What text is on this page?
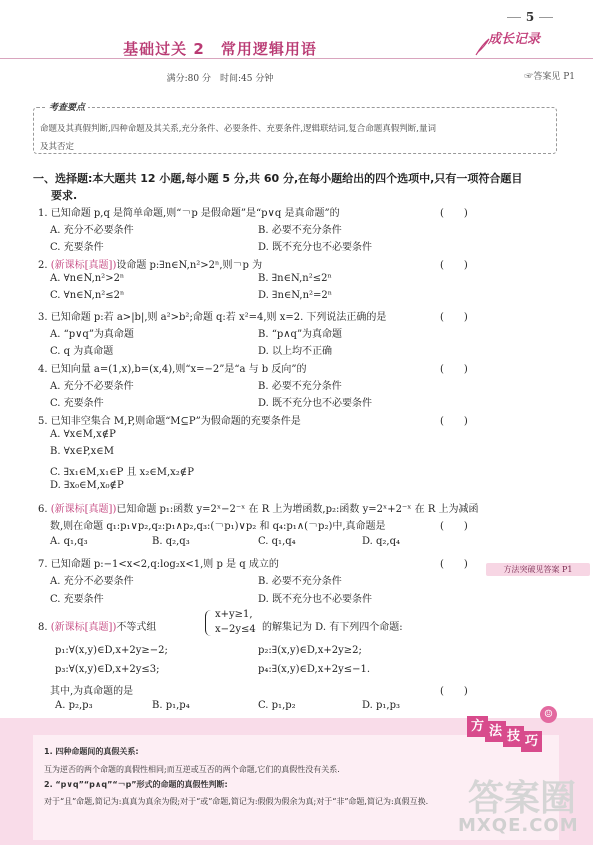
5
成长记录
基础过关 2　常用逻辑用语
满分:80 分　时间:45 分钟	☞答案见 P1
考查要点
命题及其真假判断,四种命题及其关系,充分条件、必要条件、充要条件,逻辑联结词,复合命题真假判断,量词
及其否定
一、选择题:本大题共 12 小题,每小题 5 分,共 60 分,在每小题给出的四个选项中,只有一项符合题目
要求.
1. 已知命题 p,q 是简单命题,则“￢p 是假命题”是“p∨q 是真命题”的	(　　)
A. 充分不必要条件	B. 必要不充分条件
C. 充要条件	D. 既不充分也不必要条件
2. (新课标[真题])设命题 p:∃n∈N,n²>2ⁿ,则￢p 为	(　　)
A. ∀n∈N,n²>2ⁿ	B. ∃n∈N,n²≤2ⁿ
C. ∀n∈N,n²≤2ⁿ	D. ∃n∈N,n²=2ⁿ
3. 已知命题 p:若 a>|b|,则 a²>b²;命题 q:若 x²=4,则 x=2. 下列说法正确的是	(　　)
A. “p∨q”为真命题	B. “p∧q”为真命题
C. q 为真命题	D. 以上均不正确
4. 已知向量 a=(1,x),b=(x,4),则“x=−2”是“a 与 b 反向”的	(　　)
A. 充分不必要条件	B. 必要不充分条件
C. 充要条件	D. 既不充分也不必要条件
5. 已知非空集合 M,P,则命题“M⊆P”为假命题的充要条件是	(　　)
A. ∀x∈M,x∉P
B. ∀x∈P,x∈M
C. ∃x₁∈M,x₁∈P 且 x₂∈M,x₂∉P
D. ∃x₀∈M,x₀∉P
6. (新课标[真题])已知命题 p₁:函数 y=2ˣ−2⁻ˣ 在 R 上为增函数,p₂:函数 y=2ˣ+2⁻ˣ 在 R 上为减函
数,则在命题 q₁:p₁∨p₂,q₂:p₁∧p₂,q₃:(￢p₁)∨p₂ 和 q₄:p₁∧(￢p₂)中,真命题是	(　　)
A. q₁,q₃	B. q₂,q₃	C. q₁,q₄	D. q₂,q₄
7. 已知命题 p:−1<x<2,q:log₂x<1,则 p 是 q 成立的	(　　)
A. 充分不必要条件	B. 必要不充分条件
C. 充要条件	D. 既不充分也不必要条件
方法突破见答案 P1
8. (新课标[真题])不等式组
x+y≥1,
x−2y≤4 的解集记为 D. 有下列四个命题:
p₁:∀(x,y)∈D,x+2y≥−2;	p₂:∃(x,y)∈D,x+2y≥2;
p₃:∀(x,y)∈D,x+2y≤3;	p₄:∃(x,y)∈D,x+2y≤−1.
其中,为真命题的是	(　　)
A. p₂,p₃	B. p₁,p₄	C. p₁,p₂	D. p₁,p₃
方 法 技 巧
☺
1. 四种命题间的真假关系:
互为逆否的两个命题的真假性相同;而互逆或互否的两个命题,它们的真假性没有关系.
2. “p∨q”“p∧q”“￢p”形式的命题的真假性判断:
对于“且”命题,简记为:真真为真余为假;对于“或”命题,简记为:假假为假余为真;对于“非”命题,简记为:真假互换. 答案圈
MXQE.COM
